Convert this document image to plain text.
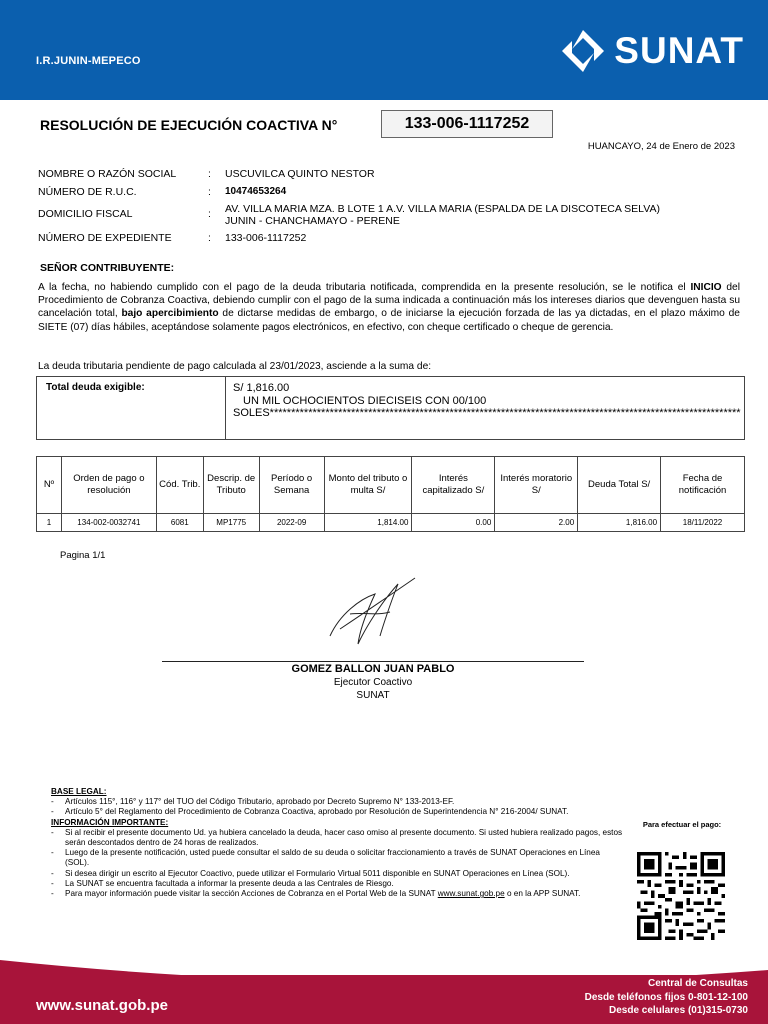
I.R.JUNIN-MEPECO	SUNAT
RESOLUCIÓN DE EJECUCIÓN COACTIVA N°	133-006-1117252
HUANCAYO, 24 de Enero de 2023
NOMBRE O RAZÓN SOCIAL	: USCUVILCA QUINTO NESTOR
NÚMERO DE R.U.C.	: 10474653264
DOMICILIO FISCAL	: AV. VILLA MARIA MZA. B LOTE 1 A.V. VILLA MARIA (ESPALDA DE LA DISCOTECA SELVA)
JUNIN - CHANCHAMAYO - PERENE
NÚMERO DE EXPEDIENTE	: 133-006-1117252
SEÑOR CONTRIBUYENTE:
A la fecha, no habiendo cumplido con el pago de la deuda tributaria notificada, comprendida en la presente resolución, se le notifica el INICIO del Procedimiento de Cobranza Coactiva, debiendo cumplir con el pago de la suma indicada a continuación más los intereses diarios que devenguen hasta su cancelación total, bajo apercibimiento de dictarse medidas de embargo, o de iniciarse la ejecución forzada de las ya dictadas, en el plazo máximo de SIETE (07) días hábiles, aceptándose solamente pagos electrónicos, en efectivo, con cheque certificado o cheque de gerencia.
La deuda tributaria pendiente de pago calculada al 23/01/2023, asciende a la suma de:
Total deuda exigible:	S/ 1,816.00
UN MIL OCHOCIENTOS DIECISEIS CON 00/100
SOLES**************************************************************************************************************
Nº	Orden de pago o resolución	Cód. Trib.	Descrip. de Tributo	Período o Semana	Monto del tributo o multa S/	Interés capitalizado S/	Interés moratorio S/	Deuda Total S/	Fecha de notificación
1	134-002-0032741	6081	MP1775	2022-09	1,814.00	0.00	2.00	1,816.00	18/11/2022
Pagina 1/1
GOMEZ BALLON JUAN PABLO
Ejecutor Coactivo
SUNAT
BASE LEGAL:
- Artículos 115°, 116° y 117° del TUO del Código Tributario, aprobado por Decreto Supremo N° 133-2013-EF.
- Artículo 5° del Reglamento del Procedimiento de Cobranza Coactiva, aprobado por Resolución de Superintendencia N° 216-2004/ SUNAT.
INFORMACIÓN IMPORTANTE:
- Si al recibir el presente documento Ud. ya hubiera cancelado la deuda, hacer caso omiso al presente documento. Si usted hubiera realizado pagos, estos serán descontados dentro de 24 horas de realizados.
- Luego de la presente notificación, usted puede consultar el saldo de su deuda o solicitar fraccionamiento a través de SUNAT Operaciones en Línea (SOL).
- Si desea dirigir un escrito al Ejecutor Coactivo, puede utilizar el Formulario Virtual 5011 disponible en SUNAT Operaciones en Línea (SOL).
- La SUNAT se encuentra facultada a informar la presente deuda a las Centrales de Riesgo.
- Para mayor información puede visitar la sección Acciones de Cobranza en el Portal Web de la SUNAT www.sunat.gob.pe o en la APP SUNAT.
Para efectuar el pago:
www.sunat.gob.pe
Central de Consultas
Desde teléfonos fijos 0-801-12-100
Desde celulares (01)315-0730
